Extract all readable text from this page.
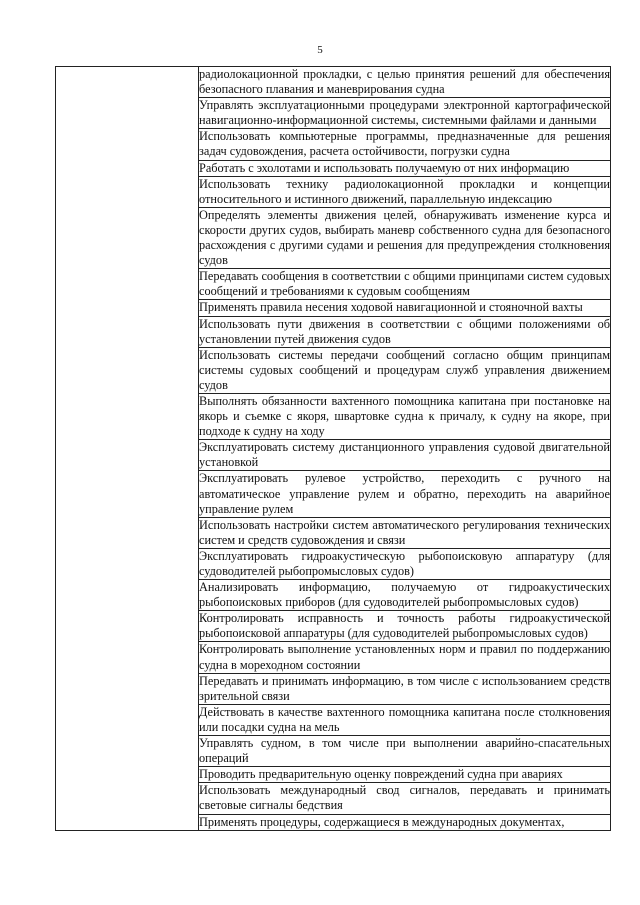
5
	радиолокационной прокладки, с целью принятия решений для обеспечения безопасного плавания и маневрирования судна
Управлять эксплуатационными процедурами электронной картографической навигационно-информационной системы, системными файлами и данными
Использовать компьютерные программы, предназначенные для решения задач судовождения, расчета остойчивости, погрузки судна
Работать с эхолотами и использовать получаемую от них информацию
Использовать технику радиолокационной прокладки и концепции относительного и истинного движений, параллельную индексацию
Определять элементы движения целей, обнаруживать изменение курса и скорости других судов, выбирать маневр собственного судна для безопасного расхождения с другими судами и решения для предупреждения столкновения судов
Передавать сообщения в соответствии с общими принципами систем судовых сообщений и требованиями к судовым сообщениям
Применять правила несения ходовой навигационной и стояночной вахты
Использовать пути движения в соответствии с общими положениями об установлении путей движения судов
Использовать системы передачи сообщений согласно общим принципам системы судовых сообщений и процедурам служб управления движением судов
Выполнять обязанности вахтенного помощника капитана при постановке на якорь и съемке с якоря, швартовке судна к причалу, к судну на якоре, при подходе к судну на ходу
Эксплуатировать систему дистанционного управления судовой двигательной установкой
Эксплуатировать рулевое устройство, переходить с ручного на автоматическое управление рулем и обратно, переходить на аварийное управление рулем
Использовать настройки систем автоматического регулирования технических систем и средств судовождения и связи
Эксплуатировать гидроакустическую рыбопоисковую аппаратуру (для судоводителей рыбопромысловых судов)
Анализировать информацию, получаемую от гидроакустических рыбопоисковых приборов (для судоводителей рыбопромысловых судов)
Контролировать исправность и точность работы гидроакустической рыбопоисковой аппаратуры (для судоводителей рыбопромысловых судов)
Контролировать выполнение установленных норм и правил по поддержанию судна в мореходном состоянии
Передавать и принимать информацию, в том числе с использованием средств зрительной связи
Действовать в качестве вахтенного помощника капитана после столкновения или посадки судна на мель
Управлять судном, в том числе при выполнении аварийно-спасательных операций
Проводить предварительную оценку повреждений судна при авариях
Использовать международный свод сигналов, передавать и принимать световые сигналы бедствия
Применять процедуры, содержащиеся в международных документах,
